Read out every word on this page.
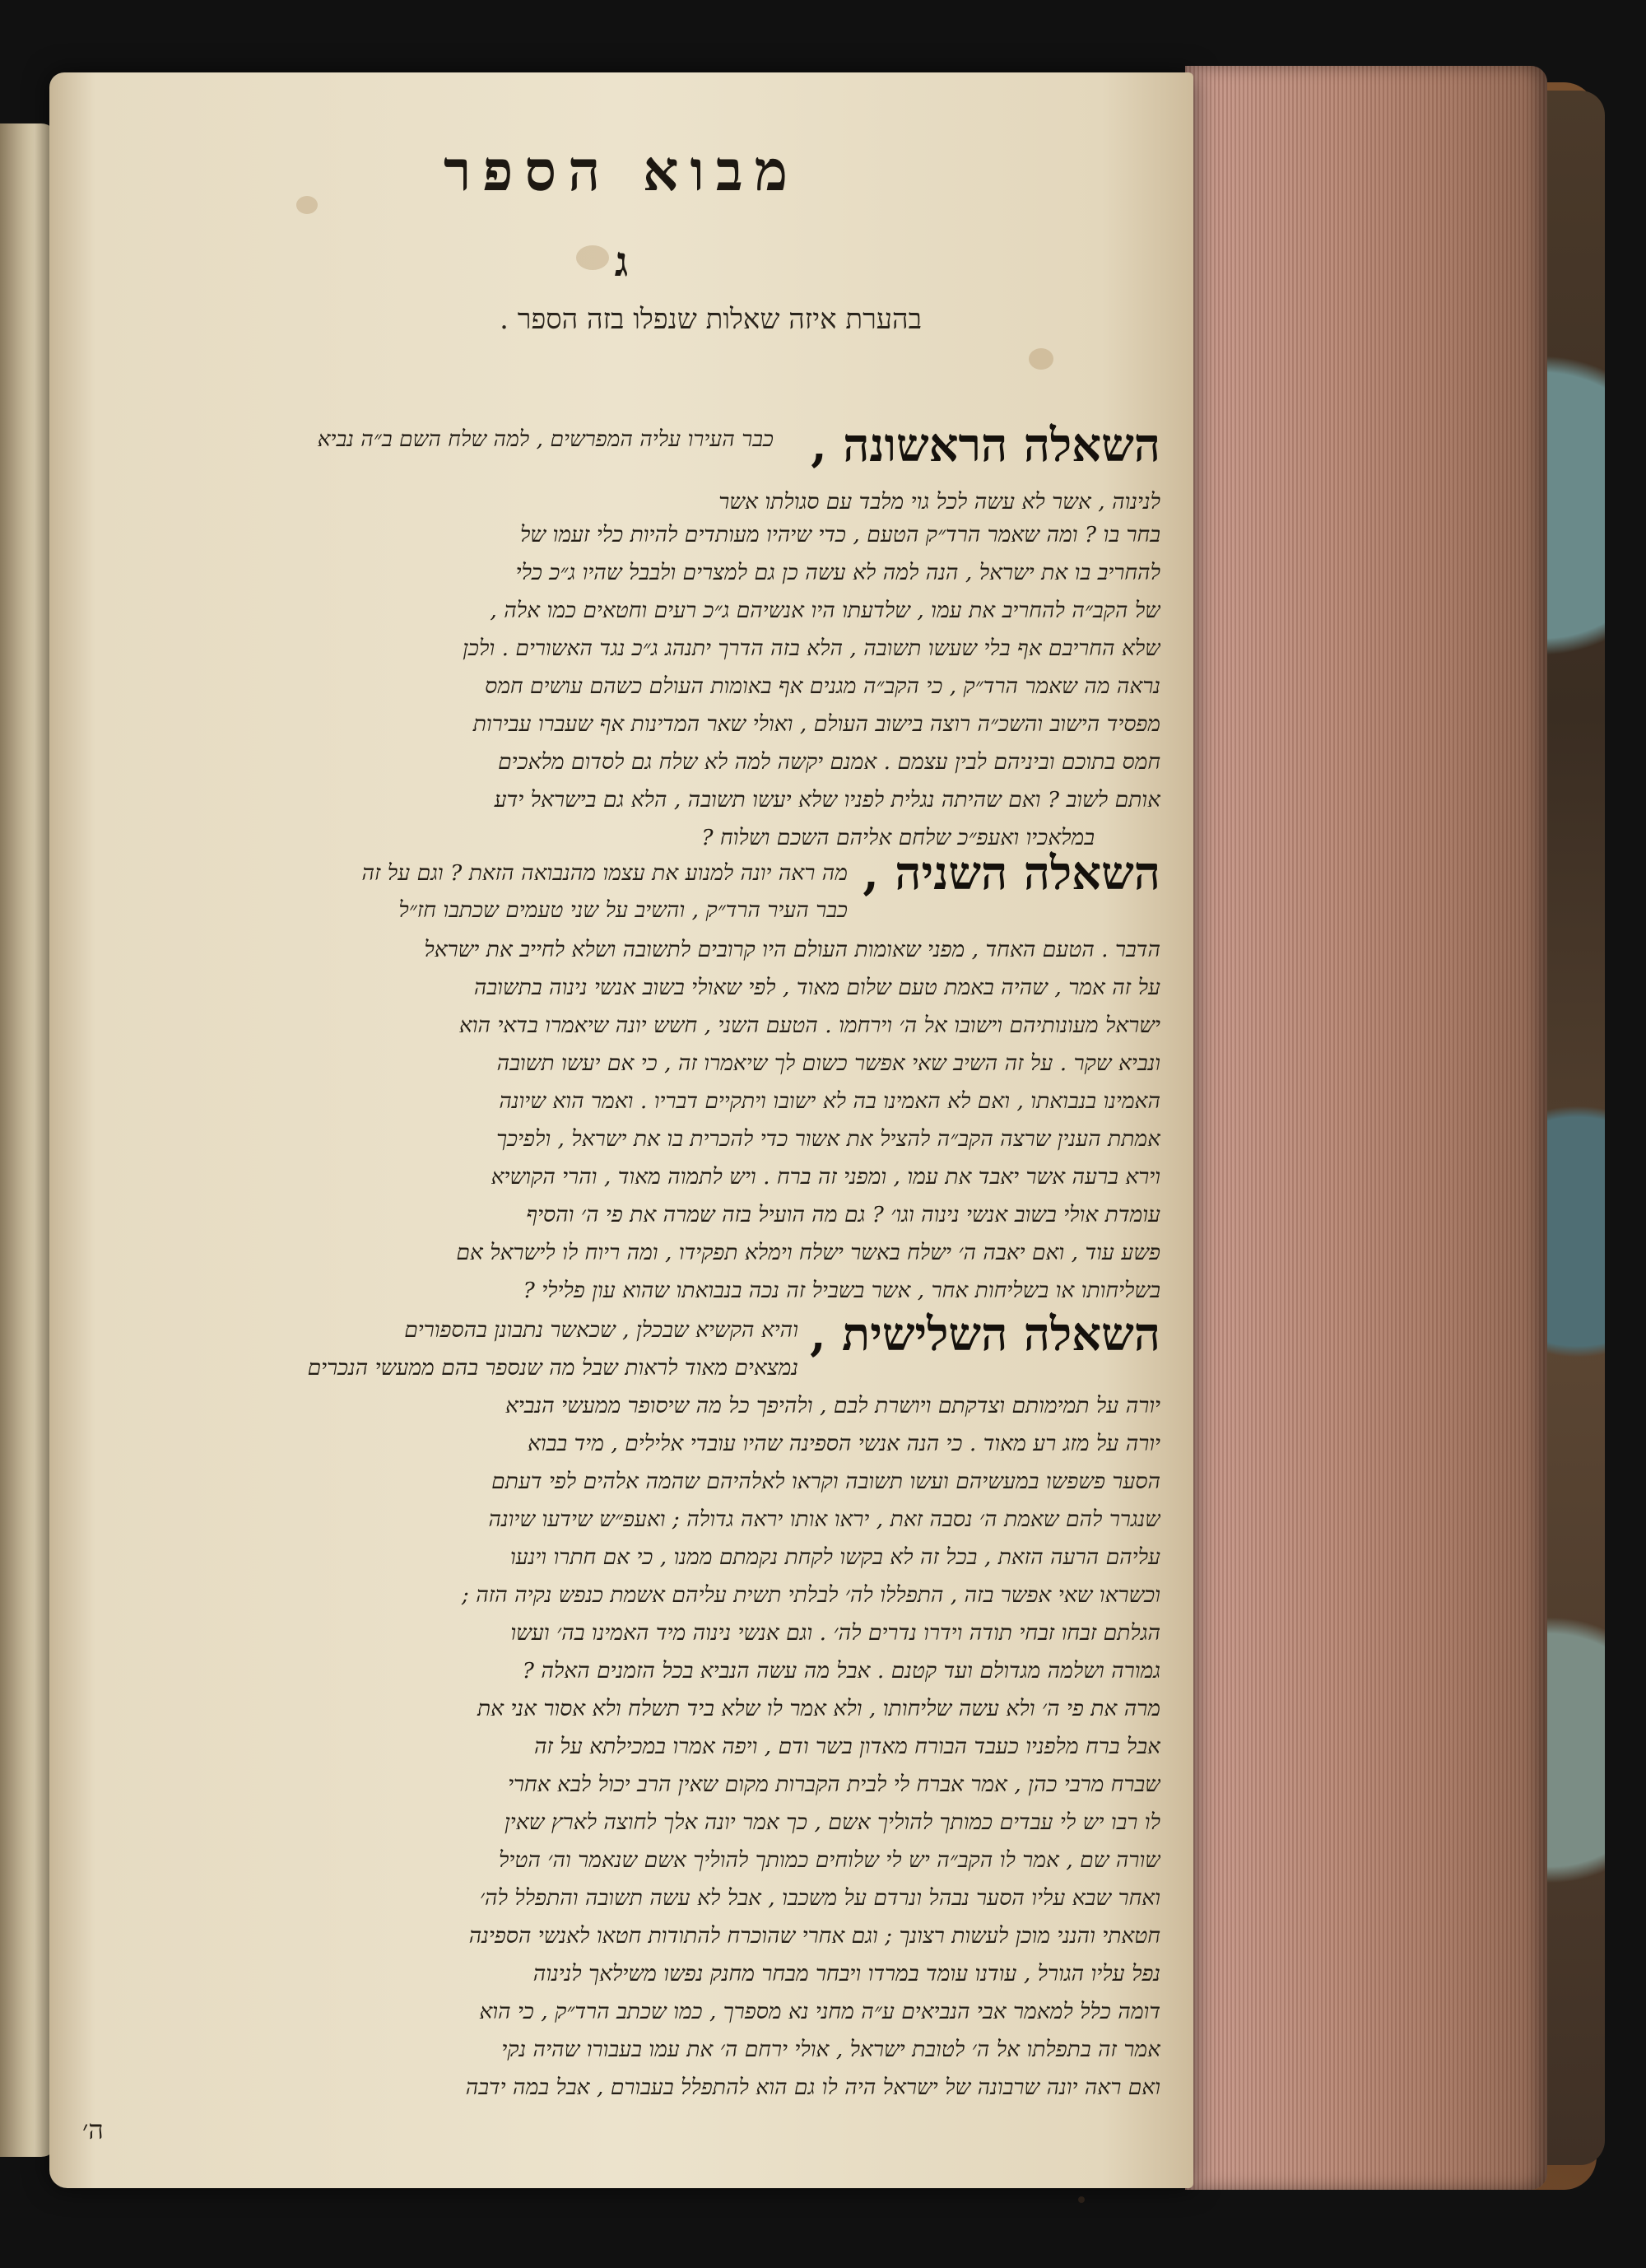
מבוא הספר
ג
בהערת איזה שאלות שנפלו בזה הספר .
השאלה הראשונה ,
כבר העירו עליה המפרשים , למה שלח השם ב״ה נביא
לנינוה , אשר לא עשה לכל גוי מלבד עם סגולתו אשר
בחר בו ? ומה שאמר הרד״ק הטעם , כדי שיהיו מעותדים להיות כלי זעמו של
להחריב בו את ישראל , הנה למה לא עשה כן גם למצרים ולבבל שהיו ג״כ כלי
של הקב״ה להחריב את עמו , שלדעתו היו אנשיהם ג״כ רעים וחטאים כמו אלה ,
שלא החריבם אף בלי שעשו תשובה , הלא בזה הדרך יתנהג ג״כ נגד האשורים . ולכן
נראה מה שאמר הרד״ק , כי הקב״ה מגנים אף באומות העולם כשהם עושים חמס
מפסיד הישוב והשכ״ה רוצה בישוב העולם , ואולי שאר המדינות אף שעברו עבירות
חמס בתוכם וביניהם לבין עצמם . אמנם יקשה למה לא שלח גם לסדום מלאכים
אותם לשוב ? ואם שהיתה נגלית לפניו שלא יעשו תשובה , הלא גם בישראל ידע
במלאכיו ואעפ״כ שלחם אליהם השכם ושלוח ?
השאלה השניה ,
מה ראה יונה למנוע את עצמו מהנבואה הזאת ? וגם על זה
כבר העיר הרד״ק , והשיב על שני טעמים שכתבו חז״ל
הדבר . הטעם האחד , מפני שאומות העולם היו קרובים לתשובה ושלא לחייב את ישראל
על זה אמר , שהיה באמת טעם שלום מאוד , לפי שאולי בשוב אנשי נינוה בתשובה
ישראל מעונותיהם וישובו אל ה׳ וירחמו . הטעם השני , חשש יונה שיאמרו בדאי הוא
ונביא שקר . על זה השיב שאי אפשר כשום לך שיאמרו זה , כי אם יעשו תשובה
האמינו בנבואתו , ואם לא האמינו בה לא ישובו ויתקיים דבריו . ואמר הוא שיונה
אמתת הענין שרצה הקב״ה להציל את אשור כדי להכרית בו את ישראל , ולפיכך
וירא ברעה אשר יאבד את עמו , ומפני זה ברח . ויש לתמוה מאוד , והרי הקושיא
עומדת אולי בשוב אנשי נינוה וגו׳ ? גם מה הועיל בזה שמרה את פי ה׳ והסיף
פשע עוד , ואם יאבה ה׳ ישלח באשר ישלח וימלא תפקידו , ומה ריוח לו לישראל אם
בשליחותו או בשליחות אחר , אשר בשביל זה נכה בנבואתו שהוא עון פלילי ?
השאלה השלישית ,
והיא הקשיא שבכלן , שכאשר נתבונן בהספורים
נמצאים מאוד לראות שבל מה שנספר בהם ממעשי הנכרים
יורה על תמימותם וצדקתם ויושרת לבם , ולהיפך כל מה שיסופר ממעשי הנביא
יורה על מזג רע מאוד . כי הנה אנשי הספינה שהיו עובדי אלילים , מיד בבוא
הסער פשפשו במעשיהם ועשו תשובה וקראו לאלהיהם שהמה אלהים לפי דעתם
שנגרר להם שאמת ה׳ נסבה זאת , יראו אותו יראה גדולה ; ואעפ״ש שידעו שיונה
עליהם הרעה הזאת , בכל זה לא בקשו לקחת נקמתם ממנו , כי אם חתרו וינעו
וכשראו שאי אפשר בזה , התפללו לה׳ לבלתי תשית עליהם אשמת כנפש נקיה הזה ;
הגלתם זבחו זבחי תודה וידרו נדרים לה׳ . וגם אנשי נינוה מיד האמינו בה׳ ועשו
גמורה ושלמה מגדולם ועד קטנם . אבל מה עשה הנביא בכל הזמנים האלה ?
מרה את פי ה׳ ולא עשה שליחותו , ולא אמר לו שלא ביד תשלח ולא אסור אני את
אבל ברח מלפניו כעבד הבורח מאדון בשר ודם , ויפה אמרו במכילתא על זה
שברח מרבי כהן , אמר אברח לי לבית הקברות מקום שאין הרב יכול לבא אחרי
לו רבו יש לי עבדים כמותך להוליך אשם , כך אמר יונה אלך לחוצה לארץ שאין
שורה שם , אמר לו הקב״ה יש לי שלוחים כמותך להוליך אשם שנאמר וה׳ הטיל
ואחר שבא עליו הסער נבהל ונרדם על משכבו , אבל לא עשה תשובה והתפלל לה׳
חטאתי והנני מוכן לעשות רצונך ; וגם אחרי שהוכרח להתודות חטאו לאנשי הספינה
נפל עליו הגורל , עודנו עומד במרדו ויבחר מבחר מחנק נפשו משילאך לנינוה
דומה כלל למאמר אבי הנביאים ע״ה מחני נא מספרך , כמו שכתב הרד״ק , כי הוא
אמר זה בתפלתו אל ה׳ לטובת ישראל , אולי ירחם ה׳ את עמו בעבורו שהיה נקי
ואם ראה יונה שרבונה של ישראל היה לו גם הוא להתפלל בעבורם , אבל במה ידבה
ה׳
